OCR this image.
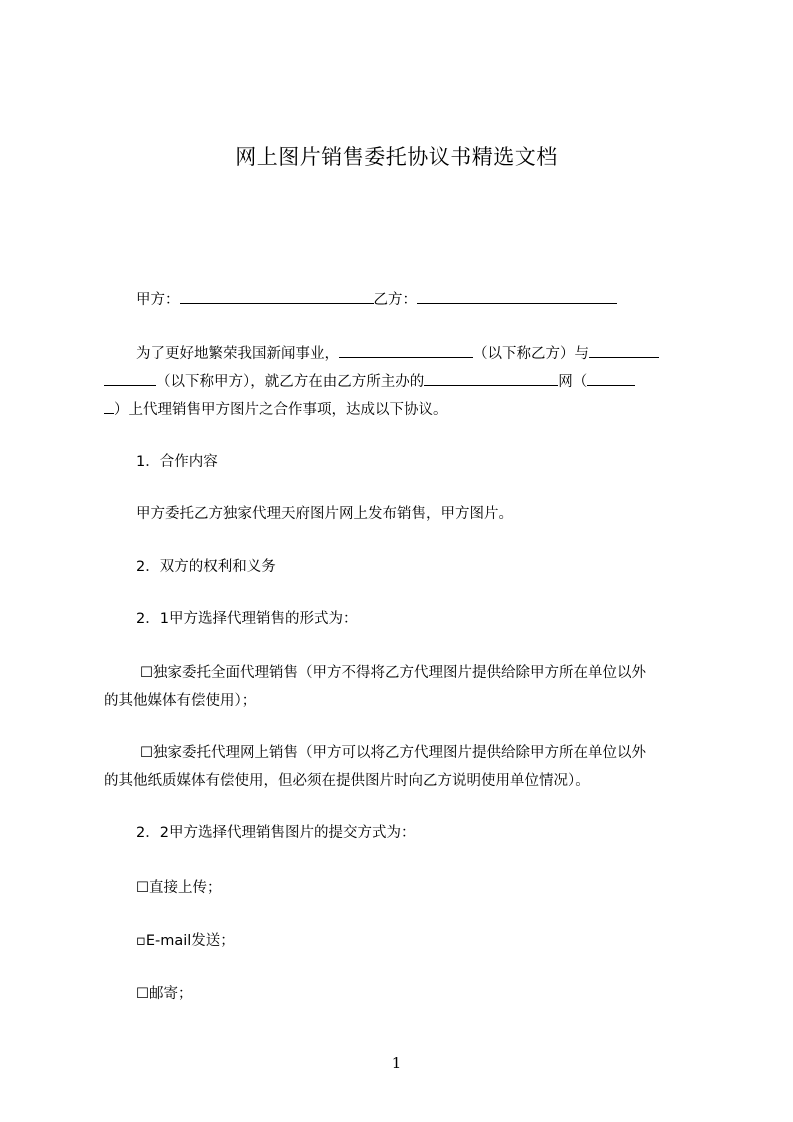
网上图片销售委托协议书精选文档

甲方：	乙方：

为了更好地繁荣我国新闻事业，	（以下称乙方）与

（以下称甲方），就乙方在由乙方所主办的	网（

）上代理销售甲方图片之合作事项，达成以下协议。

1．合作内容

甲方委托乙方独家代理天府图片网上发布销售，甲方图片。

2．双方的权利和义务

2．1甲方选择代理销售的形式为：

☐独家委托全面代理销售（甲方不得将乙方代理图片提供给除甲方所在单位以外

的其他媒体有偿使用）；

☐独家委托代理网上销售（甲方可以将乙方代理图片提供给除甲方所在单位以外

的其他纸质媒体有偿使用，但必须在提供图片时向乙方说明使用单位情况）。

2．2甲方选择代理销售图片的提交方式为：

☐直接上传；

▫E-mail发送；

☐邮寄；

1
